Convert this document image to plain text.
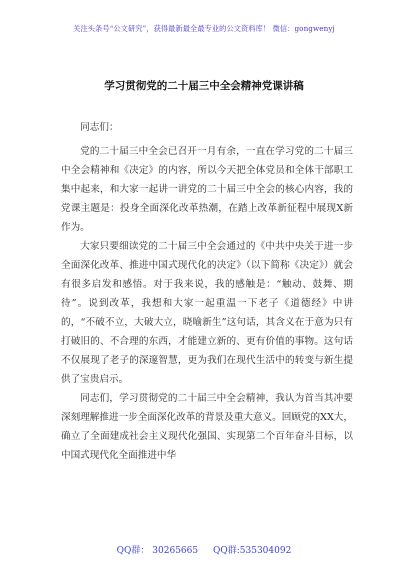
关注头条号“公文研究”，获得最新最全最专业的公文资料库！ 微信：gongwenyj
学习贯彻党的二十届三中全会精神党课讲稿

同志们：

党的二十届三中全会已召开一月有余，一直在学习党的二十届三中全会精神和《决定》的内容，所以今天把全体党员和全体干部职工集中起来，和大家一起讲一讲党的二十届三中全会的核心内容，我的党课主题是：投身全面深化改革热潮，在踏上改革新征程中展现X新作为。

大家只要细读党的二十届三中全会通过的《中共中央关于进一步全面深化改革、推进中国式现代化的决定》（以下简称《决定》）就会有很多启发和感悟。对于我来说，我的感触是：“触动、鼓舞、期待”。说到改革，我想和大家一起重温一下老子《道德经》中讲的，“不破不立，大破大立，晓喻新生”这句话，其含义在于意为只有打破旧的、不合理的东西，才能建立新的、更有价值的事物。这句话不仅展现了老子的深邃智慧，更为我们在现代生活中的转变与新生提供了宝贵启示。

同志们，学习贯彻党的二十届三中全会精神，我认为首当其冲要深刻理解推进一步全面深化改革的背景及重大意义。回顾党的XX大，确立了全面建成社会主义现代化强国、实现第二个百年奋斗目标，以中国式现代化全面推进中华

QQ群： 30265665 QQ群:535304092
